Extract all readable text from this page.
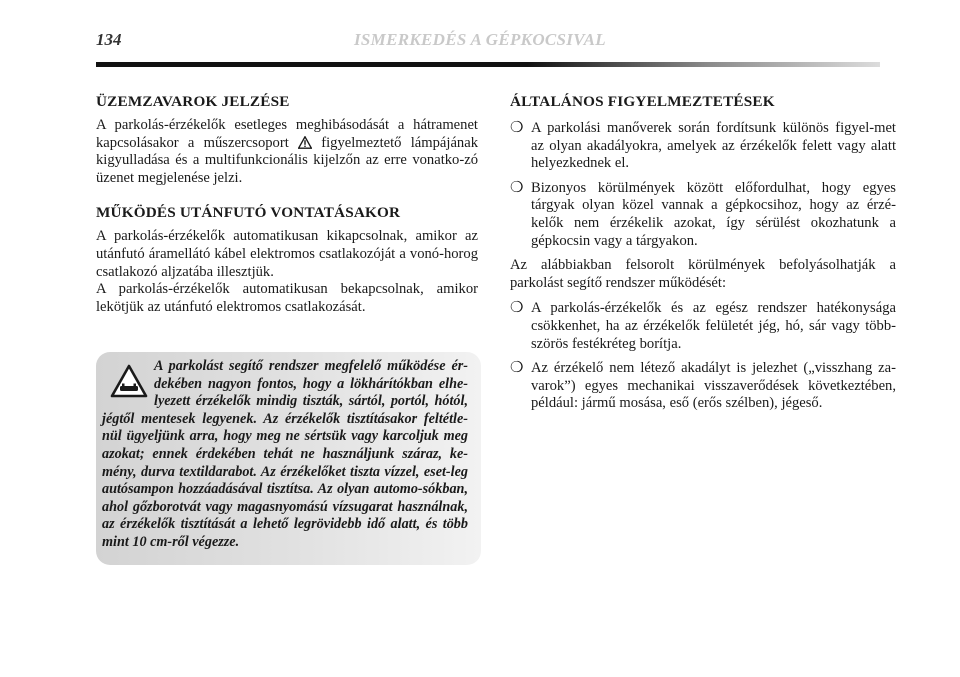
134	ISMERKEDÉS A GÉPKOCSIVAL
ÜZEMZAVAROK JELZÉSE

A parkolás-érzékelők esetleges meghibásodását a hátramenet kapcsolásakor a műszercsoport figyelmeztető lámpájának kigyulladása és a multifunkcionális kijelzőn az erre vonatko-zó üzenet megjelenése jelzi.

MŰKÖDÉS UTÁNFUTÓ VONTATÁSAKOR

A parkolás-érzékelők automatikusan kikapcsolnak, amikor az utánfutó áramellátó kábel elektromos csatlakozóját a vonó-horog csatlakozó aljzatába illesztjük.

A parkolás-érzékelők automatikusan bekapcsolnak, amikor lekötjük az utánfutó elektromos csatlakozását.

A parkolást segítő rendszer megfelelő működése ér-dekében nagyon fontos, hogy a lökhárítókban elhe-lyezett érzékelők mindig tiszták, sártól, portól, hótól, jégtől mentesek legyenek. Az érzékelők tisztításakor feltétle-nül ügyeljünk arra, hogy meg ne sértsük vagy karcoljuk meg azokat; ennek érdekében tehát ne használjunk száraz, ke-mény, durva textildarabot. Az érzékelőket tiszta vízzel, eset-leg autósampon hozzáadásával tisztítsa. Az olyan automo-sókban, ahol gőzborotvát vagy magasnyomású vízsugarat használnak, az érzékelők tisztítását a lehető legrövidebb idő alatt, és több mint 10 cm-ről végezze.

ÁLTALÁNOS FIGYELMEZTETÉSEK
❍ A parkolási manőverek során fordítsunk különös figyel-met az olyan akadályokra, amelyek az érzékelők felett vagy alatt helyezkednek el.
❍ Bizonyos körülmények között előfordulhat, hogy egyes tárgyak olyan közel vannak a gépkocsihoz, hogy az érzé-kelők nem érzékelik azokat, így sérülést okozhatunk a gépkocsin vagy a tárgyakon.

Az alábbiakban felsorolt körülmények befolyásolhatják a parkolást segítő rendszer működését:

❍ A parkolás-érzékelők és az egész rendszer hatékonysága csökkenhet, ha az érzékelők felületét jég, hó, sár vagy több-szörös festékréteg borítja.
❍ Az érzékelő nem létező akadályt is jelezhet („visszhang za-varok”) egyes mechanikai visszaverődések következtében, például: jármű mosása, eső (erős szélben), jégeső.
